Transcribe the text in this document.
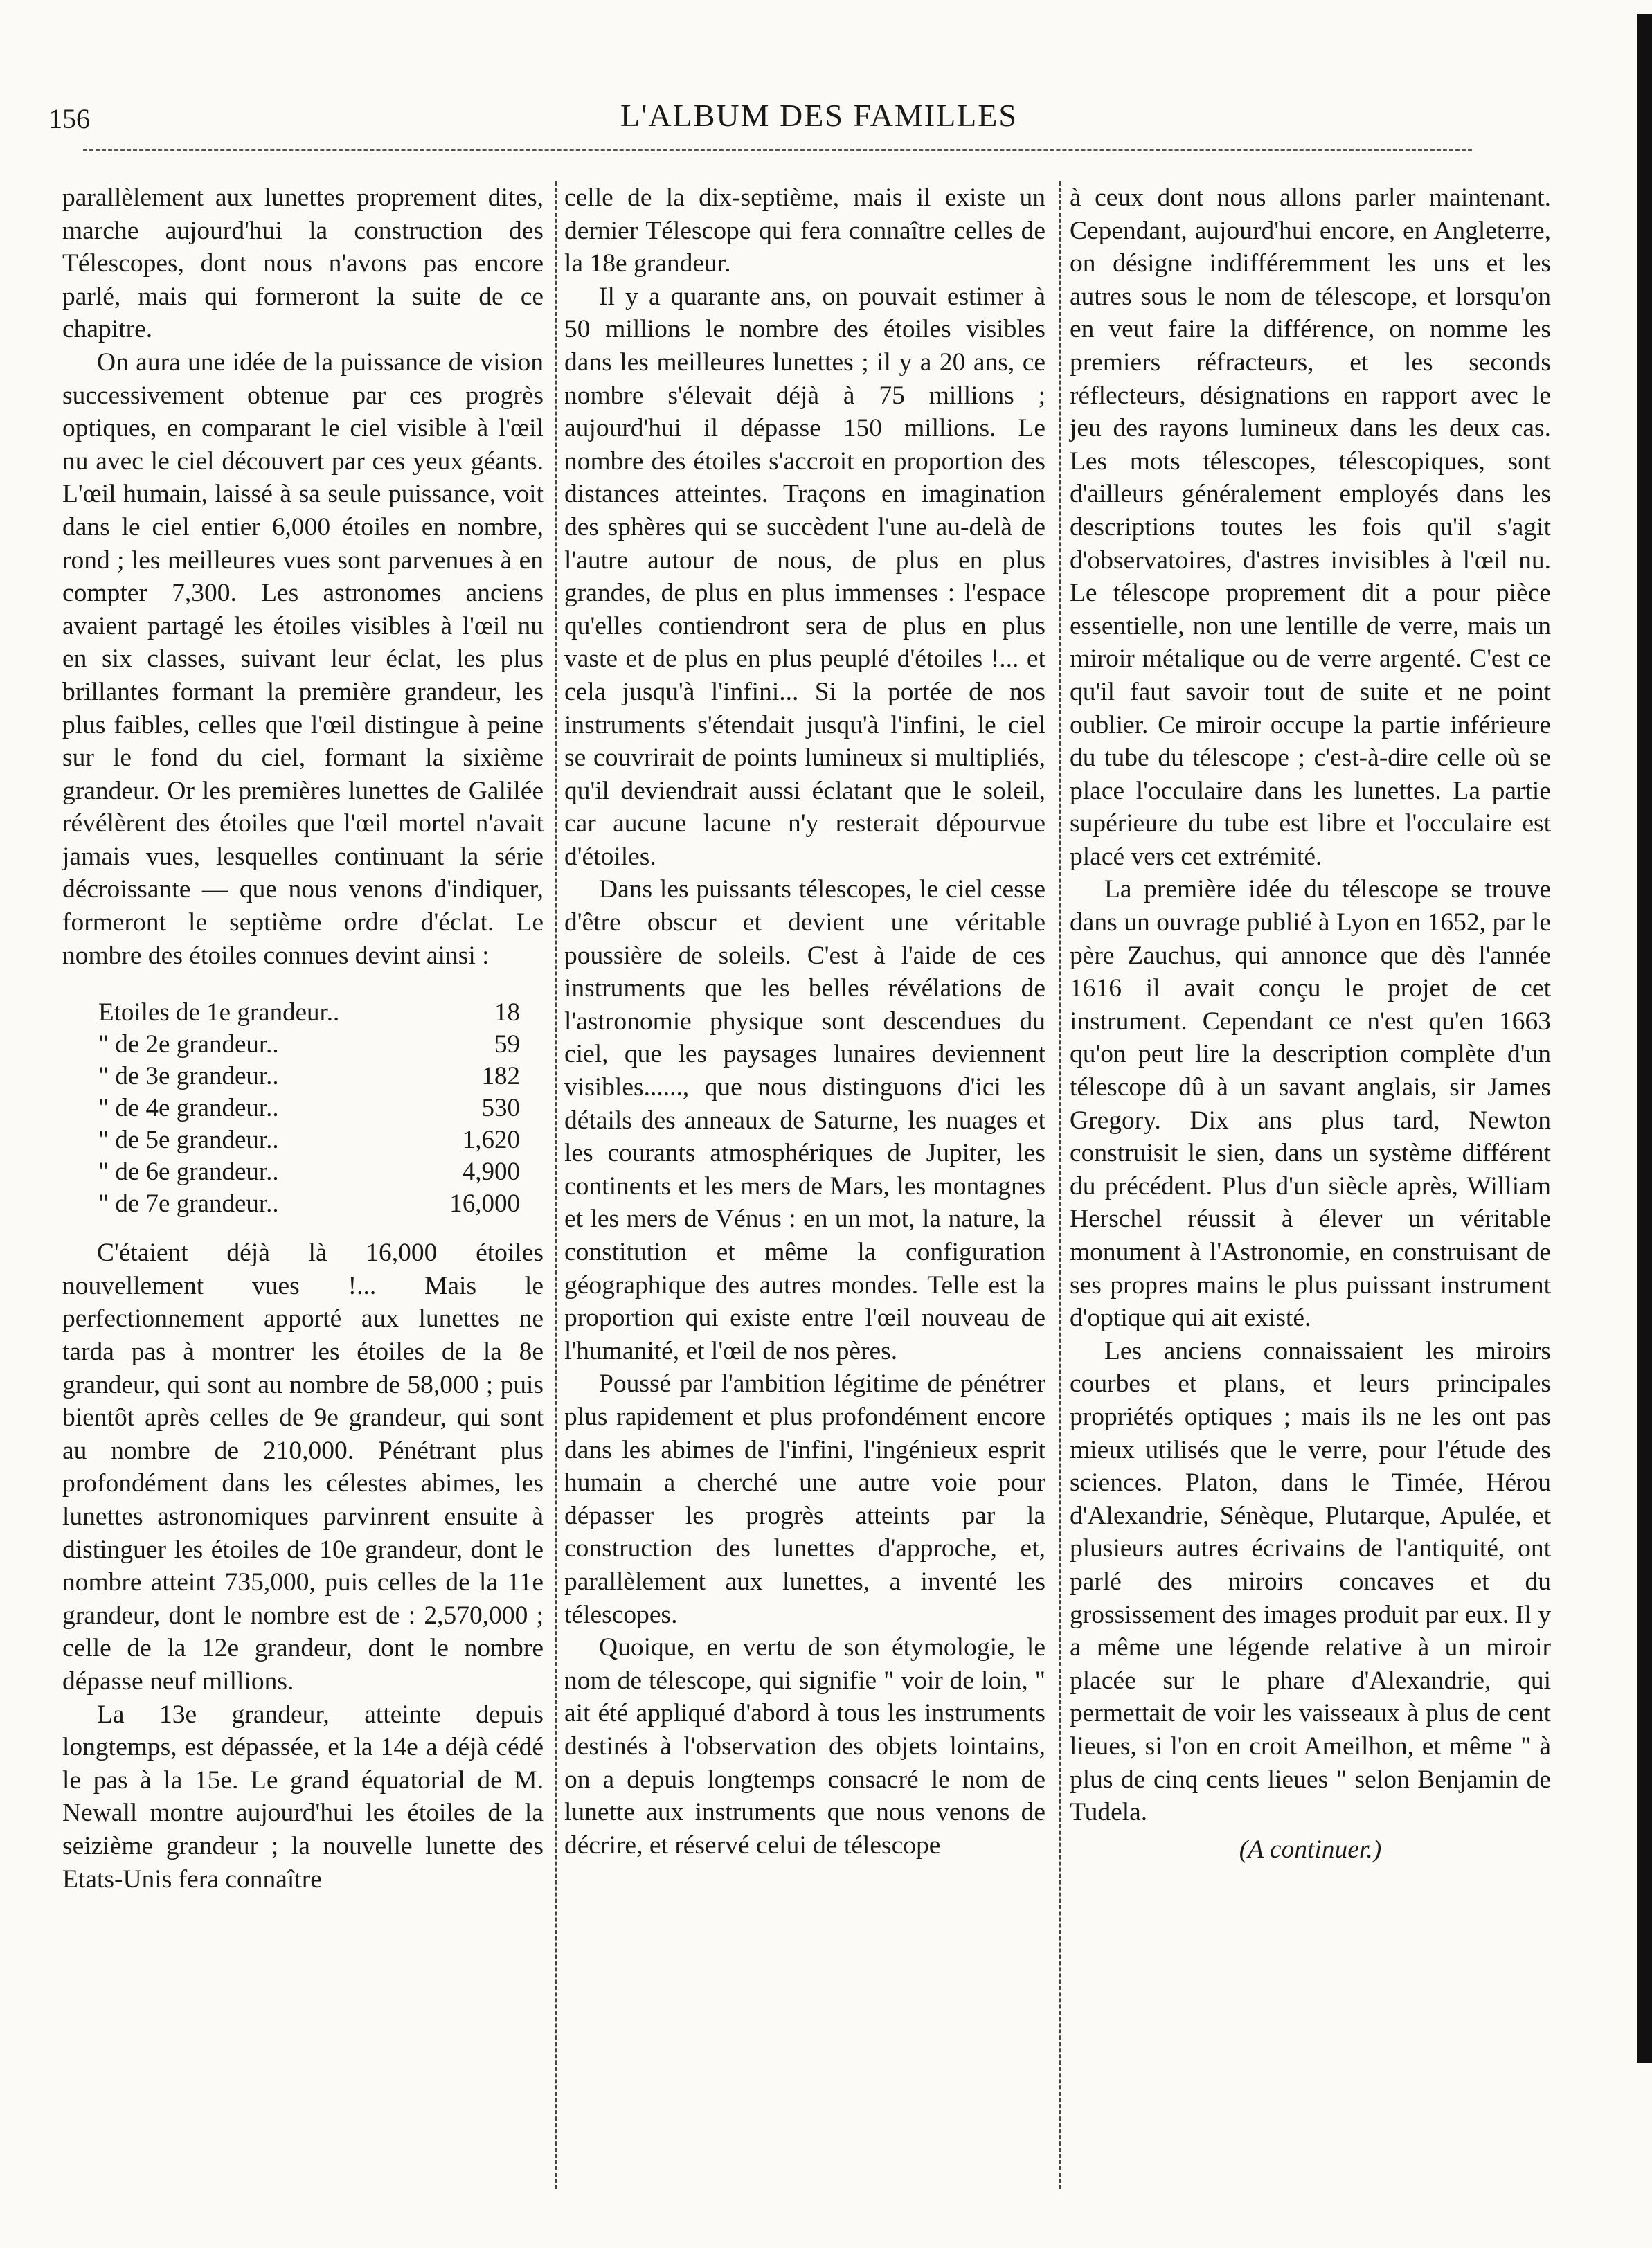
156	L'ALBUM DES FAMILLES

parallèlement aux lunettes proprement dites, marche aujourd'hui la construction des Télescopes, dont nous n'avons pas encore parlé, mais qui formeront la suite de ce chapitre.

On aura une idée de la puissance de vision successivement obtenue par ces progrès optiques, en comparant le ciel visible à l'œil nu avec le ciel découvert par ces yeux géants. L'œil humain, laissé à sa seule puissance, voit dans le ciel entier 6,000 étoiles en nombre, rond ; les meilleures vues sont parvenues à en compter 7,300. Les astronomes anciens avaient partagé les étoiles visibles à l'œil nu en six classes, suivant leur éclat, les plus brillantes formant la première grandeur, les plus faibles, celles que l'œil distingue à peine sur le fond du ciel, formant la sixième grandeur. Or les premières lunettes de Galilée révélèrent des étoiles que l'œil mortel n'avait jamais vues, lesquelles continuant la série décroissante — que nous venons d'indiquer, formeront le septième ordre d'éclat. Le nombre des étoiles connues devint ainsi :

Etoiles de 1e grandeur..	18
" de 2e grandeur..	59
" de 3e grandeur..	182
" de 4e grandeur..	530
" de 5e grandeur..	1,620
" de 6e grandeur..	4,900
" de 7e grandeur..	16,000

C'étaient déjà là 16,000 étoiles nouvellement vues !... Mais le perfectionnement apporté aux lunettes ne tarda pas à montrer les étoiles de la 8e grandeur, qui sont au nombre de 58,000 ; puis bientôt après celles de 9e grandeur, qui sont au nombre de 210,000. Pénétrant plus profondément dans les célestes abimes, les lunettes astronomiques parvinrent ensuite à distinguer les étoiles de 10e grandeur, dont le nombre atteint 735,000, puis celles de la 11e grandeur, dont le nombre est de : 2,570,000 ; celle de la 12e grandeur, dont le nombre dépasse neuf millions.

La 13e grandeur, atteinte depuis longtemps, est dépassée, et la 14e a déjà cédé le pas à la 15e. Le grand équatorial de M. Newall montre aujourd'hui les étoiles de la seizième grandeur ; la nouvelle lunette des Etats-Unis fera connaître

celle de la dix-septième, mais il existe un dernier Télescope qui fera connaître celles de la 18e grandeur.

Il y a quarante ans, on pouvait estimer à 50 millions le nombre des étoiles visibles dans les meilleures lunettes ; il y a 20 ans, ce nombre s'élevait déjà à 75 millions ; aujourd'hui il dépasse 150 millions. Le nombre des étoiles s'accroit en proportion des distances atteintes. Traçons en imagination des sphères qui se succèdent l'une au-delà de l'autre autour de nous, de plus en plus grandes, de plus en plus immenses : l'espace qu'elles contiendront sera de plus en plus vaste et de plus en plus peuplé d'étoiles !... et cela jusqu'à l'infini... Si la portée de nos instruments s'étendait jusqu'à l'infini, le ciel se couvrirait de points lumineux si multipliés, qu'il deviendrait aussi éclatant que le soleil, car aucune lacune n'y resterait dépourvue d'étoiles.

Dans les puissants télescopes, le ciel cesse d'être obscur et devient une véritable poussière de soleils. C'est à l'aide de ces instruments que les belles révélations de l'astronomie physique sont descendues du ciel, que les paysages lunaires deviennent visibles......, que nous distinguons d'ici les détails des anneaux de Saturne, les nuages et les courants atmosphériques de Jupiter, les continents et les mers de Mars, les montagnes et les mers de Vénus : en un mot, la nature, la constitution et même la configuration géographique des autres mondes. Telle est la proportion qui existe entre l'œil nouveau de l'humanité, et l'œil de nos pères.

Poussé par l'ambition légitime de pénétrer plus rapidement et plus profondément encore dans les abimes de l'infini, l'ingénieux esprit humain a cherché une autre voie pour dépasser les progrès atteints par la construction des lunettes d'approche, et, parallèlement aux lunettes, a inventé les télescopes.

Quoique, en vertu de son étymologie, le nom de télescope, qui signifie " voir de loin, " ait été appliqué d'abord à tous les instruments destinés à l'observation des objets lointains, on a depuis longtemps consacré le nom de lunette aux instruments que nous venons de décrire, et réservé celui de télescope

à ceux dont nous allons parler maintenant. Cependant, aujourd'hui encore, en Angleterre, on désigne indifféremment les uns et les autres sous le nom de télescope, et lorsqu'on en veut faire la différence, on nomme les premiers réfracteurs, et les seconds réflecteurs, désignations en rapport avec le jeu des rayons lumineux dans les deux cas. Les mots télescopes, télescopiques, sont d'ailleurs généralement employés dans les descriptions toutes les fois qu'il s'agit d'observatoires, d'astres invisibles à l'œil nu. Le télescope proprement dit a pour pièce essentielle, non une lentille de verre, mais un miroir métalique ou de verre argenté. C'est ce qu'il faut savoir tout de suite et ne point oublier. Ce miroir occupe la partie inférieure du tube du télescope ; c'est-à-dire celle où se place l'occulaire dans les lunettes. La partie supérieure du tube est libre et l'occulaire est placé vers cet extrémité.

La première idée du télescope se trouve dans un ouvrage publié à Lyon en 1652, par le père Zauchus, qui annonce que dès l'année 1616 il avait conçu le projet de cet instrument. Cependant ce n'est qu'en 1663 qu'on peut lire la description complète d'un télescope dû à un savant anglais, sir James Gregory. Dix ans plus tard, Newton construisit le sien, dans un système différent du précédent. Plus d'un siècle après, William Herschel réussit à élever un véritable monument à l'Astronomie, en construisant de ses propres mains le plus puissant instrument d'optique qui ait existé.

Les anciens connaissaient les miroirs courbes et plans, et leurs principales propriétés optiques ; mais ils ne les ont pas mieux utilisés que le verre, pour l'étude des sciences. Platon, dans le Timée, Hérou d'Alexandrie, Sénèque, Plutarque, Apulée, et plusieurs autres écrivains de l'antiquité, ont parlé des miroirs concaves et du grossissement des images produit par eux. Il y a même une légende relative à un miroir placée sur le phare d'Alexandrie, qui permettait de voir les vaisseaux à plus de cent lieues, si l'on en croit Ameilhon, et même " à plus de cinq cents lieues " selon Benjamin de Tudela.

(A continuer.)
